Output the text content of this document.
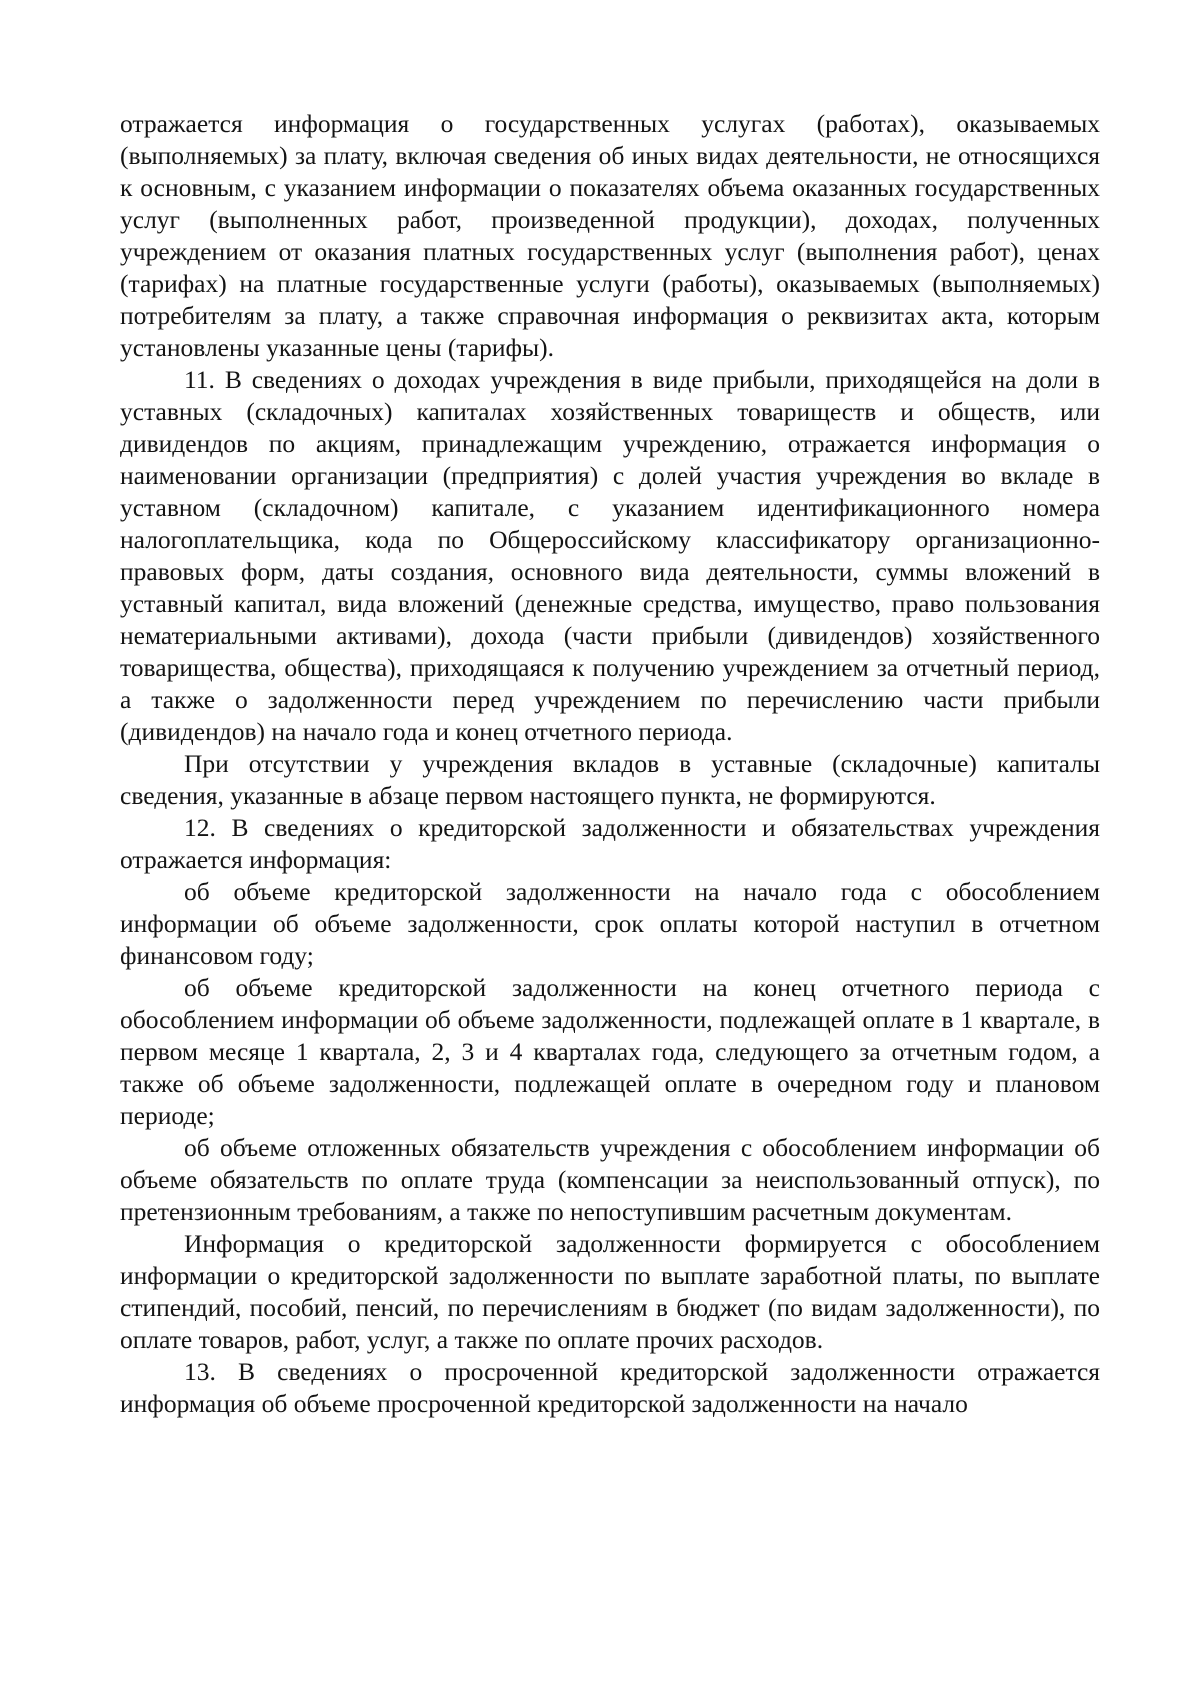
отражается информация о государственных услугах (работах), оказываемых (выполняемых) за плату, включая сведения об иных видах деятельности, не относящихся к основным, с указанием информации о показателях объема оказанных государственных услуг (выполненных работ, произведенной продукции), доходах, полученных учреждением от оказания платных государственных услуг (выполнения работ), ценах (тарифах) на платные государственные услуги (работы), оказываемых (выполняемых) потребителям за плату, а также справочная информация о реквизитах акта, которым установлены указанные цены (тарифы).

11. В сведениях о доходах учреждения в виде прибыли, приходящейся на доли в уставных (складочных) капиталах хозяйственных товариществ и обществ, или дивидендов по акциям, принадлежащим учреждению, отражается информация о наименовании организации (предприятия) с долей участия учреждения во вкладе в уставном (складочном) капитале, с указанием идентификационного номера налогоплательщика, кода по Общероссийскому классификатору организационно-правовых форм, даты создания, основного вида деятельности, суммы вложений в уставный капитал, вида вложений (денежные средства, имущество, право пользования нематериальными активами), дохода (части прибыли (дивидендов) хозяйственного товарищества, общества), приходящаяся к получению учреждением за отчетный период, а также о задолженности перед учреждением по перечислению части прибыли (дивидендов) на начало года и конец отчетного периода.

При отсутствии у учреждения вкладов в уставные (складочные) капиталы сведения, указанные в абзаце первом настоящего пункта, не формируются.

12. В сведениях о кредиторской задолженности и обязательствах учреждения отражается информация:

об объеме кредиторской задолженности на начало года с обособлением информации об объеме задолженности, срок оплаты которой наступил в отчетном финансовом году;

об объеме кредиторской задолженности на конец отчетного периода с обособлением информации об объеме задолженности, подлежащей оплате в 1 квартале, в первом месяце 1 квартала, 2, 3 и 4 кварталах года, следующего за отчетным годом, а также об объеме задолженности, подлежащей оплате в очередном году и плановом периоде;

об объеме отложенных обязательств учреждения с обособлением информации об объеме обязательств по оплате труда (компенсации за неиспользованный отпуск), по претензионным требованиям, а также по непоступившим расчетным документам.

Информация о кредиторской задолженности формируется с обособлением информации о кредиторской задолженности по выплате заработной платы, по выплате стипендий, пособий, пенсий, по перечислениям в бюджет (по видам задолженности), по оплате товаров, работ, услуг, а также по оплате прочих расходов.

13. В сведениях о просроченной кредиторской задолженности отражается информация об объеме просроченной кредиторской задолженности на начало
